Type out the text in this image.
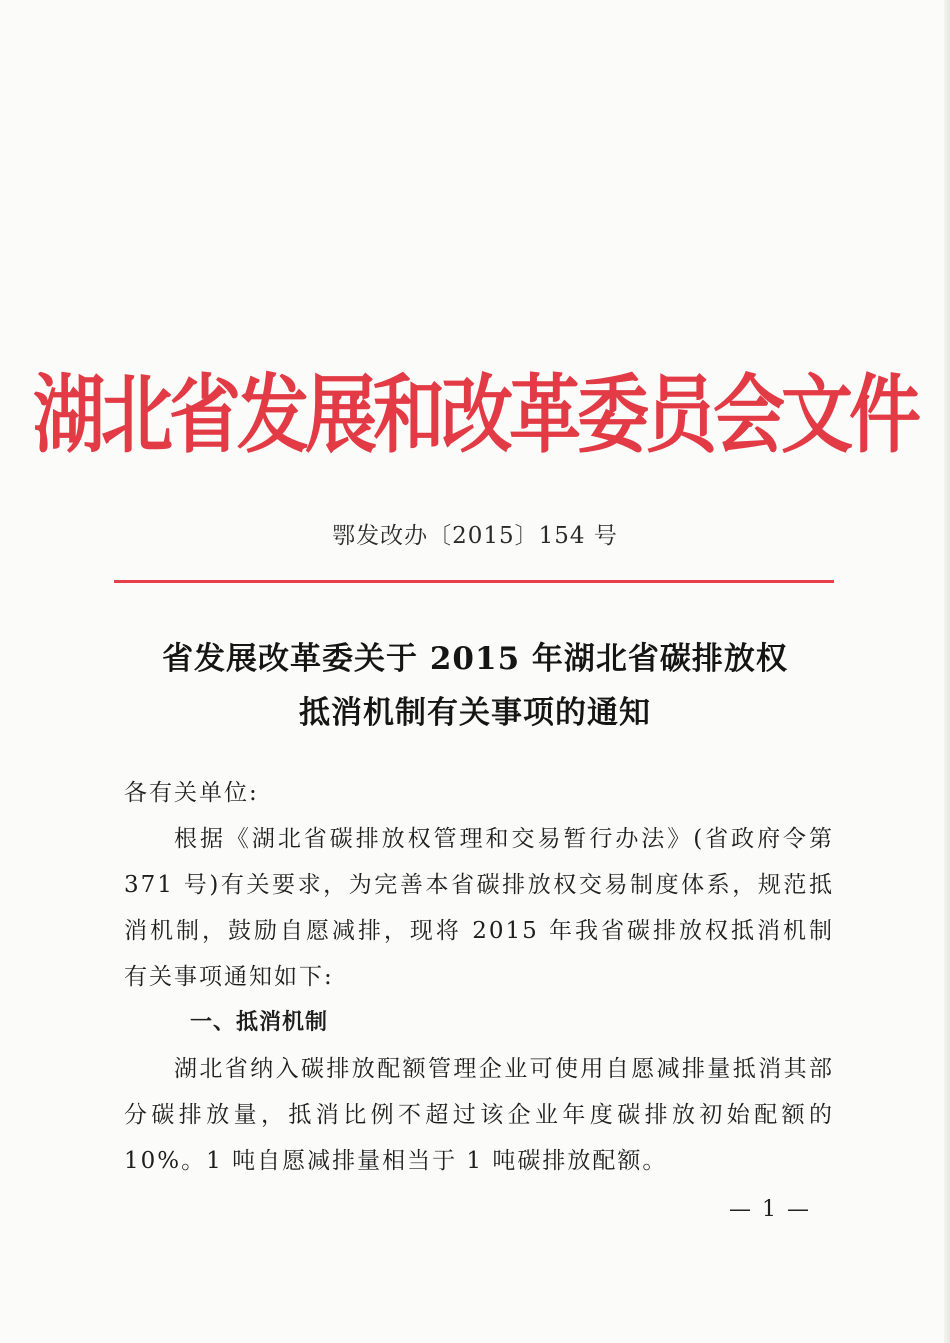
湖北省发展和改革委员会文件
鄂发改办〔2015〕154 号
省发展改革委关于 2015 年湖北省碳排放权
抵消机制有关事项的通知

各有关单位:

根据《湖北省碳排放权管理和交易暂行办法》(省政府令第 371 号)有关要求，为完善本省碳排放权交易制度体系，规范抵消机制，鼓励自愿减排，现将 2015 年我省碳排放权抵消机制有关事项通知如下:

一、抵消机制

湖北省纳入碳排放配额管理企业可使用自愿减排量抵消其部分碳排放量，抵消比例不超过该企业年度碳排放初始配额的 10%。1 吨自愿减排量相当于 1 吨碳排放配额。

— 1 —
